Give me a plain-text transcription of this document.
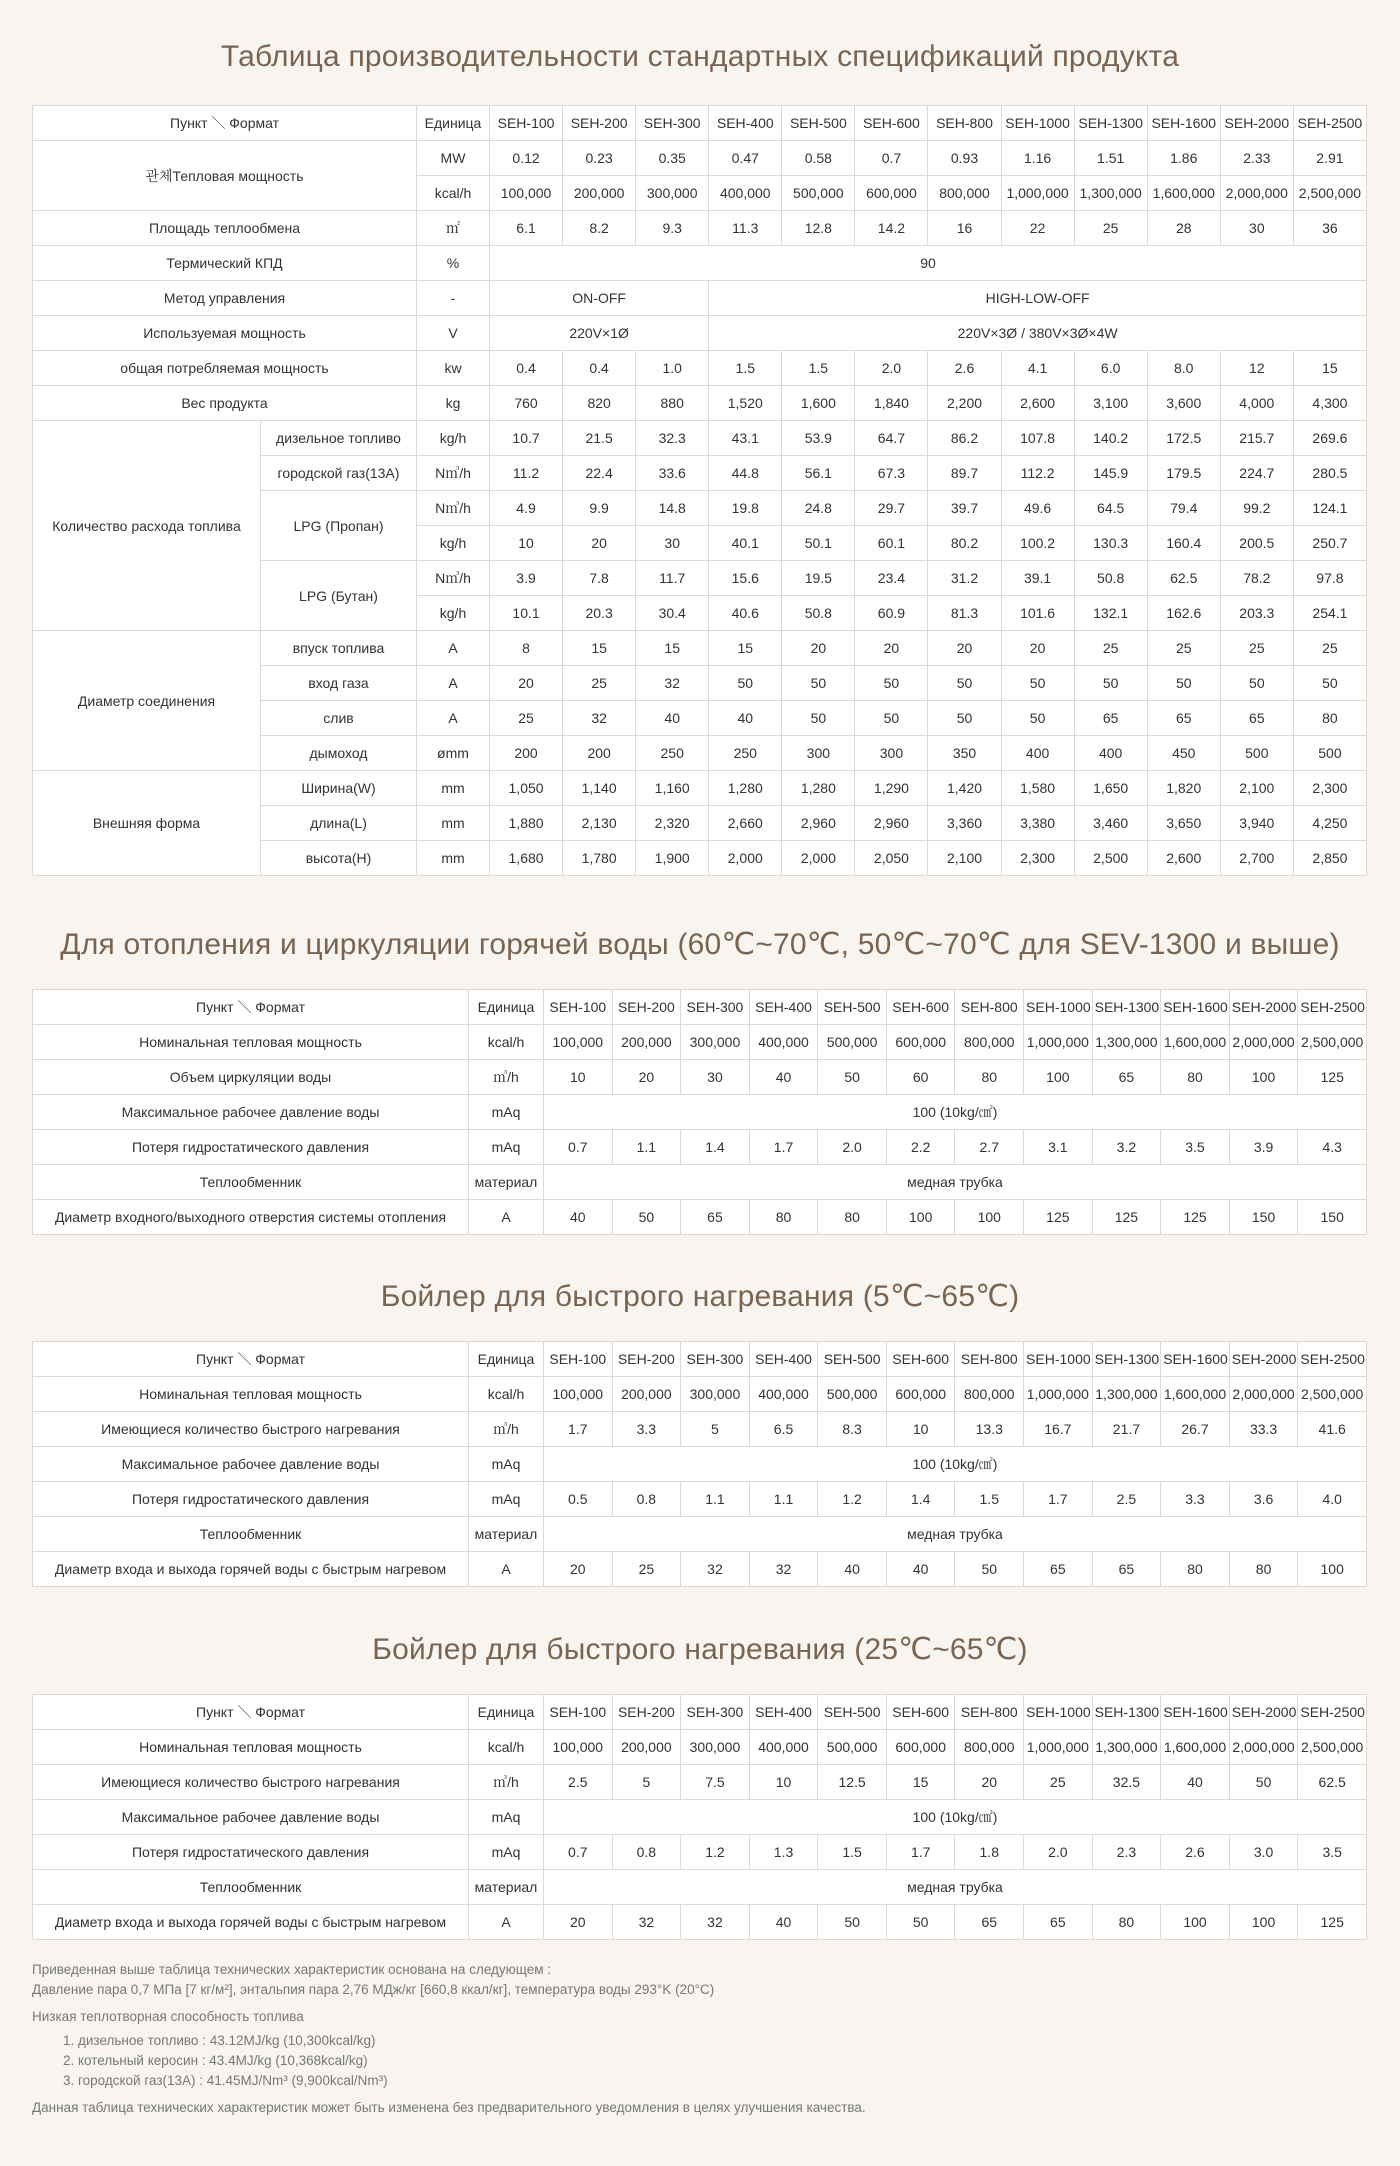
Таблица производительности стандартных спецификаций продукта
Пункт ＼ Формат		Единица	SEH-100	SEH-200	SEH-300	SEH-400	SEH-500	SEH-600	SEH-800	SEH-1000	SEH-1300	SEH-1600	SEH-2000	SEH-2500
관체Тепловая мощность		MW	0.12	0.23	0.35	0.47	0.58	0.7	0.93	1.16	1.51	1.86	2.33	2.91
		kcal/h	100,000	200,000	300,000	400,000	500,000	600,000	800,000	1,000,000	1,300,000	1,600,000	2,000,000	2,500,000
Площадь теплообмена		㎡	6.1	8.2	9.3	11.3	12.8	14.2	16	22	25	28	30	36
Термический КПД		%	90											
Метод управления		-	ON-OFF			HIGH-LOW-OFF								
Используемая мощность		V	220V×1Ø			220V×3Ø / 380V×3Ø×4W								
общая потребляемая мощность		kw	0.4	0.4	1.0	1.5	1.5	2.0	2.6	4.1	6.0	8.0	12	15
Вес продукта		kg	760	820	880	1,520	1,600	1,840	2,200	2,600	3,100	3,600	4,000	4,300
Количество расхода топлива	дизельное топливо	kg/h	10.7	21.5	32.3	43.1	53.9	64.7	86.2	107.8	140.2	172.5	215.7	269.6
	городской газ(13A)	N㎥/h	11.2	22.4	33.6	44.8	56.1	67.3	89.7	112.2	145.9	179.5	224.7	280.5
	LPG (Пропан)	N㎥/h	4.9	9.9	14.8	19.8	24.8	29.7	39.7	49.6	64.5	79.4	99.2	124.1
		kg/h	10	20	30	40.1	50.1	60.1	80.2	100.2	130.3	160.4	200.5	250.7
	LPG (Бутан)	N㎥/h	3.9	7.8	11.7	15.6	19.5	23.4	31.2	39.1	50.8	62.5	78.2	97.8
		kg/h	10.1	20.3	30.4	40.6	50.8	60.9	81.3	101.6	132.1	162.6	203.3	254.1
Диаметр соединения	впуск топлива	A	8	15	15	15	20	20	20	20	25	25	25	25
	вход газа	A	20	25	32	50	50	50	50	50	50	50	50	50
	слив	A	25	32	40	40	50	50	50	50	65	65	65	80
	дымоход	ømm	200	200	250	250	300	300	350	400	400	450	500	500
Внешняя форма	Ширина(W)	mm	1,050	1,140	1,160	1,280	1,280	1,290	1,420	1,580	1,650	1,820	2,100	2,300
	длина(L)	mm	1,880	2,130	2,320	2,660	2,960	2,960	3,360	3,380	3,460	3,650	3,940	4,250
	высота(H)	mm	1,680	1,780	1,900	2,000	2,000	2,050	2,100	2,300	2,500	2,600	2,700	2,850
Для отопления и циркуляции горячей воды (60℃~70℃, 50℃~70℃ для SEV-1300 и выше)
Пункт ＼ Формат	Единица	SEH-100	SEH-200	SEH-300	SEH-400	SEH-500	SEH-600	SEH-800	SEH-1000	SEH-1300	SEH-1600	SEH-2000	SEH-2500
Номинальная тепловая мощность	kcal/h	100,000	200,000	300,000	400,000	500,000	600,000	800,000	1,000,000	1,300,000	1,600,000	2,000,000	2,500,000
Объем циркуляции воды	㎥/h	10	20	30	40	50	60	80	100	65	80	100	125
Максимальное рабочее давление воды	mAq	100 (10kg/㎠)											
Потеря гидростатического давления	mAq	0.7	1.1	1.4	1.7	2.0	2.2	2.7	3.1	3.2	3.5	3.9	4.3
Теплообменник	материал	медная трубка											
Диаметр входного/выходного отверстия системы отопления	A	40	50	65	80	80	100	100	125	125	125	150	150
Бойлер для быстрого нагревания (5℃~65℃)
Пункт ＼ Формат	Единица	SEH-100	SEH-200	SEH-300	SEH-400	SEH-500	SEH-600	SEH-800	SEH-1000	SEH-1300	SEH-1600	SEH-2000	SEH-2500
Номинальная тепловая мощность	kcal/h	100,000	200,000	300,000	400,000	500,000	600,000	800,000	1,000,000	1,300,000	1,600,000	2,000,000	2,500,000
Имеющиеся количество быстрого нагревания	㎥/h	1.7	3.3	5	6.5	8.3	10	13.3	16.7	21.7	26.7	33.3	41.6
Максимальное рабочее давление воды	mAq	100 (10kg/㎠)											
Потеря гидростатического давления	mAq	0.5	0.8	1.1	1.1	1.2	1.4	1.5	1.7	2.5	3.3	3.6	4.0
Теплообменник	материал	медная трубка											
Диаметр входа и выхода горячей воды с быстрым нагревом	A	20	25	32	32	40	40	50	65	65	80	80	100
Бойлер для быстрого нагревания (25℃~65℃)
Пункт ＼ Формат	Единица	SEH-100	SEH-200	SEH-300	SEH-400	SEH-500	SEH-600	SEH-800	SEH-1000	SEH-1300	SEH-1600	SEH-2000	SEH-2500
Номинальная тепловая мощность	kcal/h	100,000	200,000	300,000	400,000	500,000	600,000	800,000	1,000,000	1,300,000	1,600,000	2,000,000	2,500,000
Имеющиеся количество быстрого нагревания	㎥/h	2.5	5	7.5	10	12.5	15	20	25	32.5	40	50	62.5
Максимальное рабочее давление воды	mAq	100 (10kg/㎠)											
Потеря гидростатического давления	mAq	0.7	0.8	1.2	1.3	1.5	1.7	1.8	2.0	2.3	2.6	3.0	3.5
Теплообменник	материал	медная трубка											
Диаметр входа и выхода горячей воды с быстрым нагревом	A	20	32	32	40	50	50	65	65	80	100	100	125

Приведенная выше таблица технических характеристик основана на следующем :

Давление пара 0,7 МПа [7 кг/м²], энтальпия пара 2,76 МДж/кг [660,8 ккал/кг], температура воды 293°K (20°C)

Низкая теплотворная способность топлива

1. дизельное топливо : 43.12MJ/kg (10,300kcal/kg)
2. котельный керосин : 43.4MJ/kg (10,368kcal/kg)
3. городской газ(13A) : 41.45MJ/Nm³ (9,900kcal/Nm³)

Данная таблица технических характеристик может быть изменена без предварительного уведомления в целях улучшения качества.
